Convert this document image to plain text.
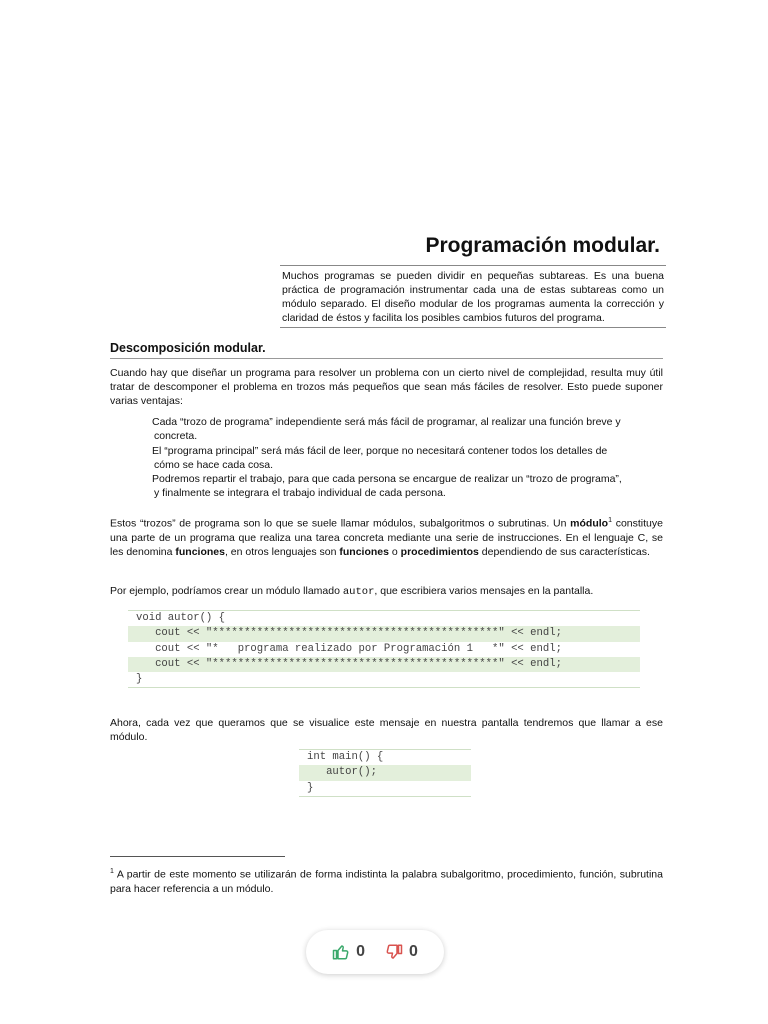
Programación modular.
Muchos programas se pueden dividir en pequeñas subtareas. Es una buena práctica de programación instrumentar cada una de estas subtareas como un módulo separado. El diseño modular de los programas aumenta la corrección y claridad de éstos y facilita los posibles cambios futuros del programa.
Descomposición modular.
Cuando hay que diseñar un programa para resolver un problema con un cierto nivel de complejidad, resulta muy útil tratar de descomponer el problema en trozos más pequeños que sean más fáciles de resolver. Esto puede suponer varias ventajas:
Cada “trozo de programa” independiente será más fácil de programar, al realizar una función breve y
concreta.
El “programa principal” será más fácil de leer, porque no necesitará contener todos los detalles de
cómo se hace cada cosa.
Podremos repartir el trabajo, para que cada persona se encargue de realizar un “trozo de programa”,
y finalmente se integrara el trabajo individual de cada persona.
Estos “trozos” de programa son lo que se suele llamar módulos, subalgoritmos o subrutinas. Un módulo$^1$ constituye una parte de un programa que realiza una tarea concreta mediante una serie de instrucciones. En el lenguaje C, se les denomina funciones, en otros lenguajes son funciones o procedimientos dependiendo de sus características.
Por ejemplo, podríamos crear un módulo llamado autor, que escribiera varios mensajes en la pantalla.
void autor() {
cout << "*********************************************" << endl;
cout << "*   programa realizado por Programación 1   *" << endl;
cout << "*********************************************" << endl;
}
Ahora, cada vez que queramos que se visualice este mensaje en nuestra pantalla tendremos que llamar a ese módulo.
int main() {
autor();
}
$^1$ A partir de este momento se utilizarán de forma indistinta la palabra subalgoritmo, procedimiento, función, subrutina para hacer referencia a un módulo.
0	0
